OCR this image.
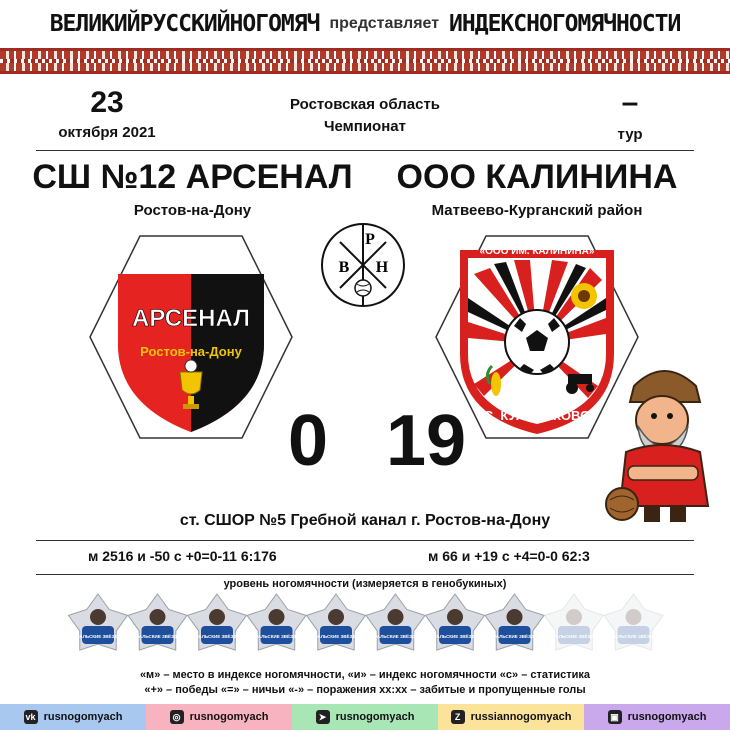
ВЕЛИКИЙРУССКИЙНОГОМЯЧ представляет ИНДЕКСНОГОМЯЧНОСТИ
23
октября 2021
Ростовская область
Чемпионат
–
тур
СШ №12 АРСЕНАЛ
Ростов-на-Дону
ООО КАЛИНИНА
Матвеево-Курганский район
АРСЕНАЛ
Ростов-на-Дону
«ООО ИМ. КАЛИНИНА»
С. КУЛЬБАКОВО
В
Р
Н
0 19
ст. СШОР №5 Гребной канал г. Ростов-на-Дону
м 2516 и -50 с +0=0-11 6:176	м 66 и +19 с +4=0-0 62:3
уровень ногомячности (измеряется в генобукиных)
УРАЛЬСКИЕ ЗВЁЗДЫ	УРАЛЬСКИЕ ЗВЁЗДЫ	УРАЛЬСКИЕ ЗВЁЗДЫ	УРАЛЬСКИЕ ЗВЁЗДЫ	УРАЛЬСКИЕ ЗВЁЗДЫ	УРАЛЬСКИЕ ЗВЁЗДЫ	УРАЛЬСКИЕ ЗВЁЗДЫ	УРАЛЬСКИЕ ЗВЁЗДЫ	УРАЛЬСКИЕ ЗВЁЗДЫ	УРАЛЬСКИЕ ЗВЁЗДЫ
«м» – место в индексе ногомячности, «и» – индекс ногомячности «с» – статистика
«+» – победы «=» – ничьи «-» – поражения хх:хх – забитые и пропущенные голы
vk rusnogomyach	◎ rusnogomyach	➤ rusnogomyach	Z russiannogomyach	▣ rusnogomyach
